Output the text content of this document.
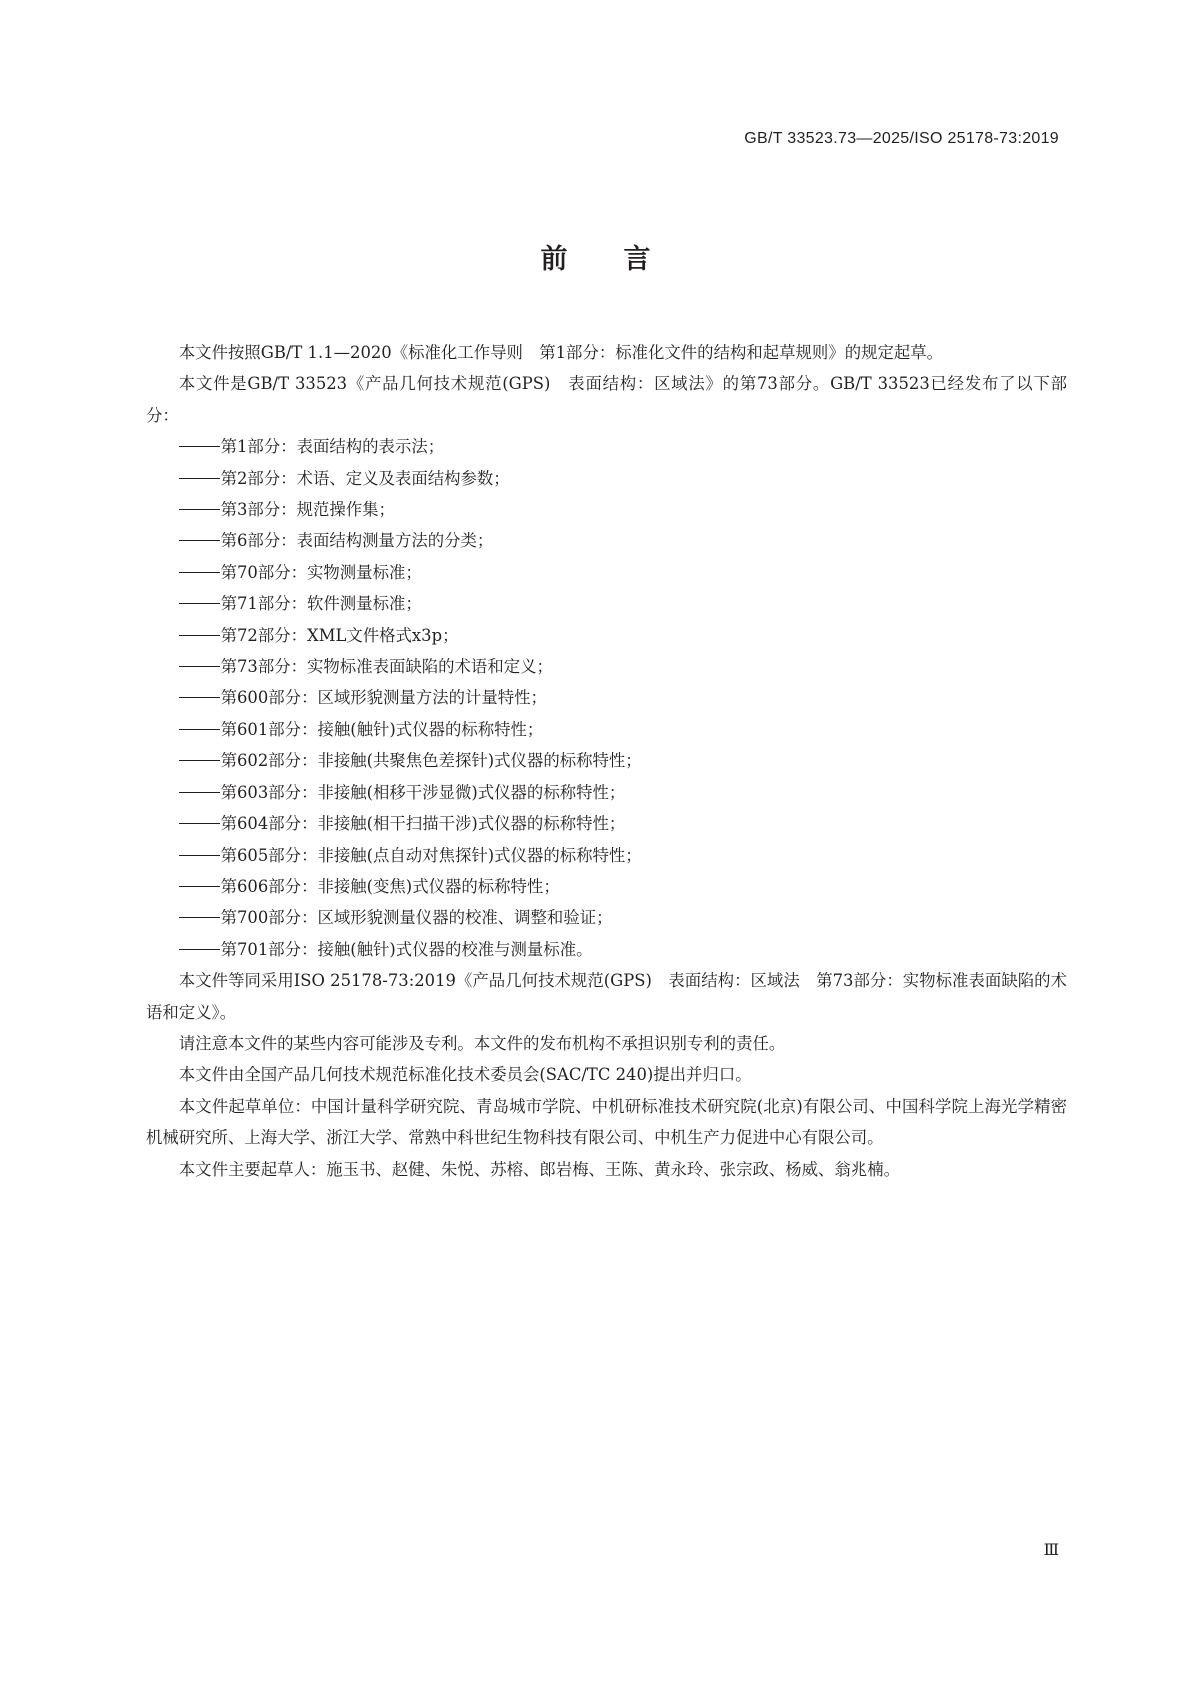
GB/T 33523.73—2025/ISO 25178-73:2019
前言

本文件按照GB/T 1.1—2020《标准化工作导则　第1部分：标准化文件的结构和起草规则》的规定起草。

本文件是GB/T 33523《产品几何技术规范(GPS)　表面结构：区域法》的第73部分。GB/T 33523已经发布了以下部分：

第1部分：表面结构的表示法；

第2部分：术语、定义及表面结构参数；

第3部分：规范操作集；

第6部分：表面结构测量方法的分类；

第70部分：实物测量标准；

第71部分：软件测量标准；

第72部分：XML文件格式x3p；

第73部分：实物标准表面缺陷的术语和定义；

第600部分：区域形貌测量方法的计量特性；

第601部分：接触(触针)式仪器的标称特性；

第602部分：非接触(共聚焦色差探针)式仪器的标称特性；

第603部分：非接触(相移干涉显微)式仪器的标称特性；

第604部分：非接触(相干扫描干涉)式仪器的标称特性；

第605部分：非接触(点自动对焦探针)式仪器的标称特性；

第606部分：非接触(变焦)式仪器的标称特性；

第700部分：区域形貌测量仪器的校准、调整和验证；

第701部分：接触(触针)式仪器的校准与测量标准。

本文件等同采用ISO 25178-73:2019《产品几何技术规范(GPS)　表面结构：区域法　第73部分：实物标准表面缺陷的术语和定义》。

请注意本文件的某些内容可能涉及专利。本文件的发布机构不承担识别专利的责任。

本文件由全国产品几何技术规范标准化技术委员会(SAC/TC 240)提出并归口。

本文件起草单位：中国计量科学研究院、青岛城市学院、中机研标准技术研究院(北京)有限公司、中国科学院上海光学精密机械研究所、上海大学、浙江大学、常熟中科世纪生物科技有限公司、中机生产力促进中心有限公司。

本文件主要起草人：施玉书、赵健、朱悦、苏榕、郎岩梅、王陈、黄永玲、张宗政、杨威、翁兆楠。

Ⅲ
